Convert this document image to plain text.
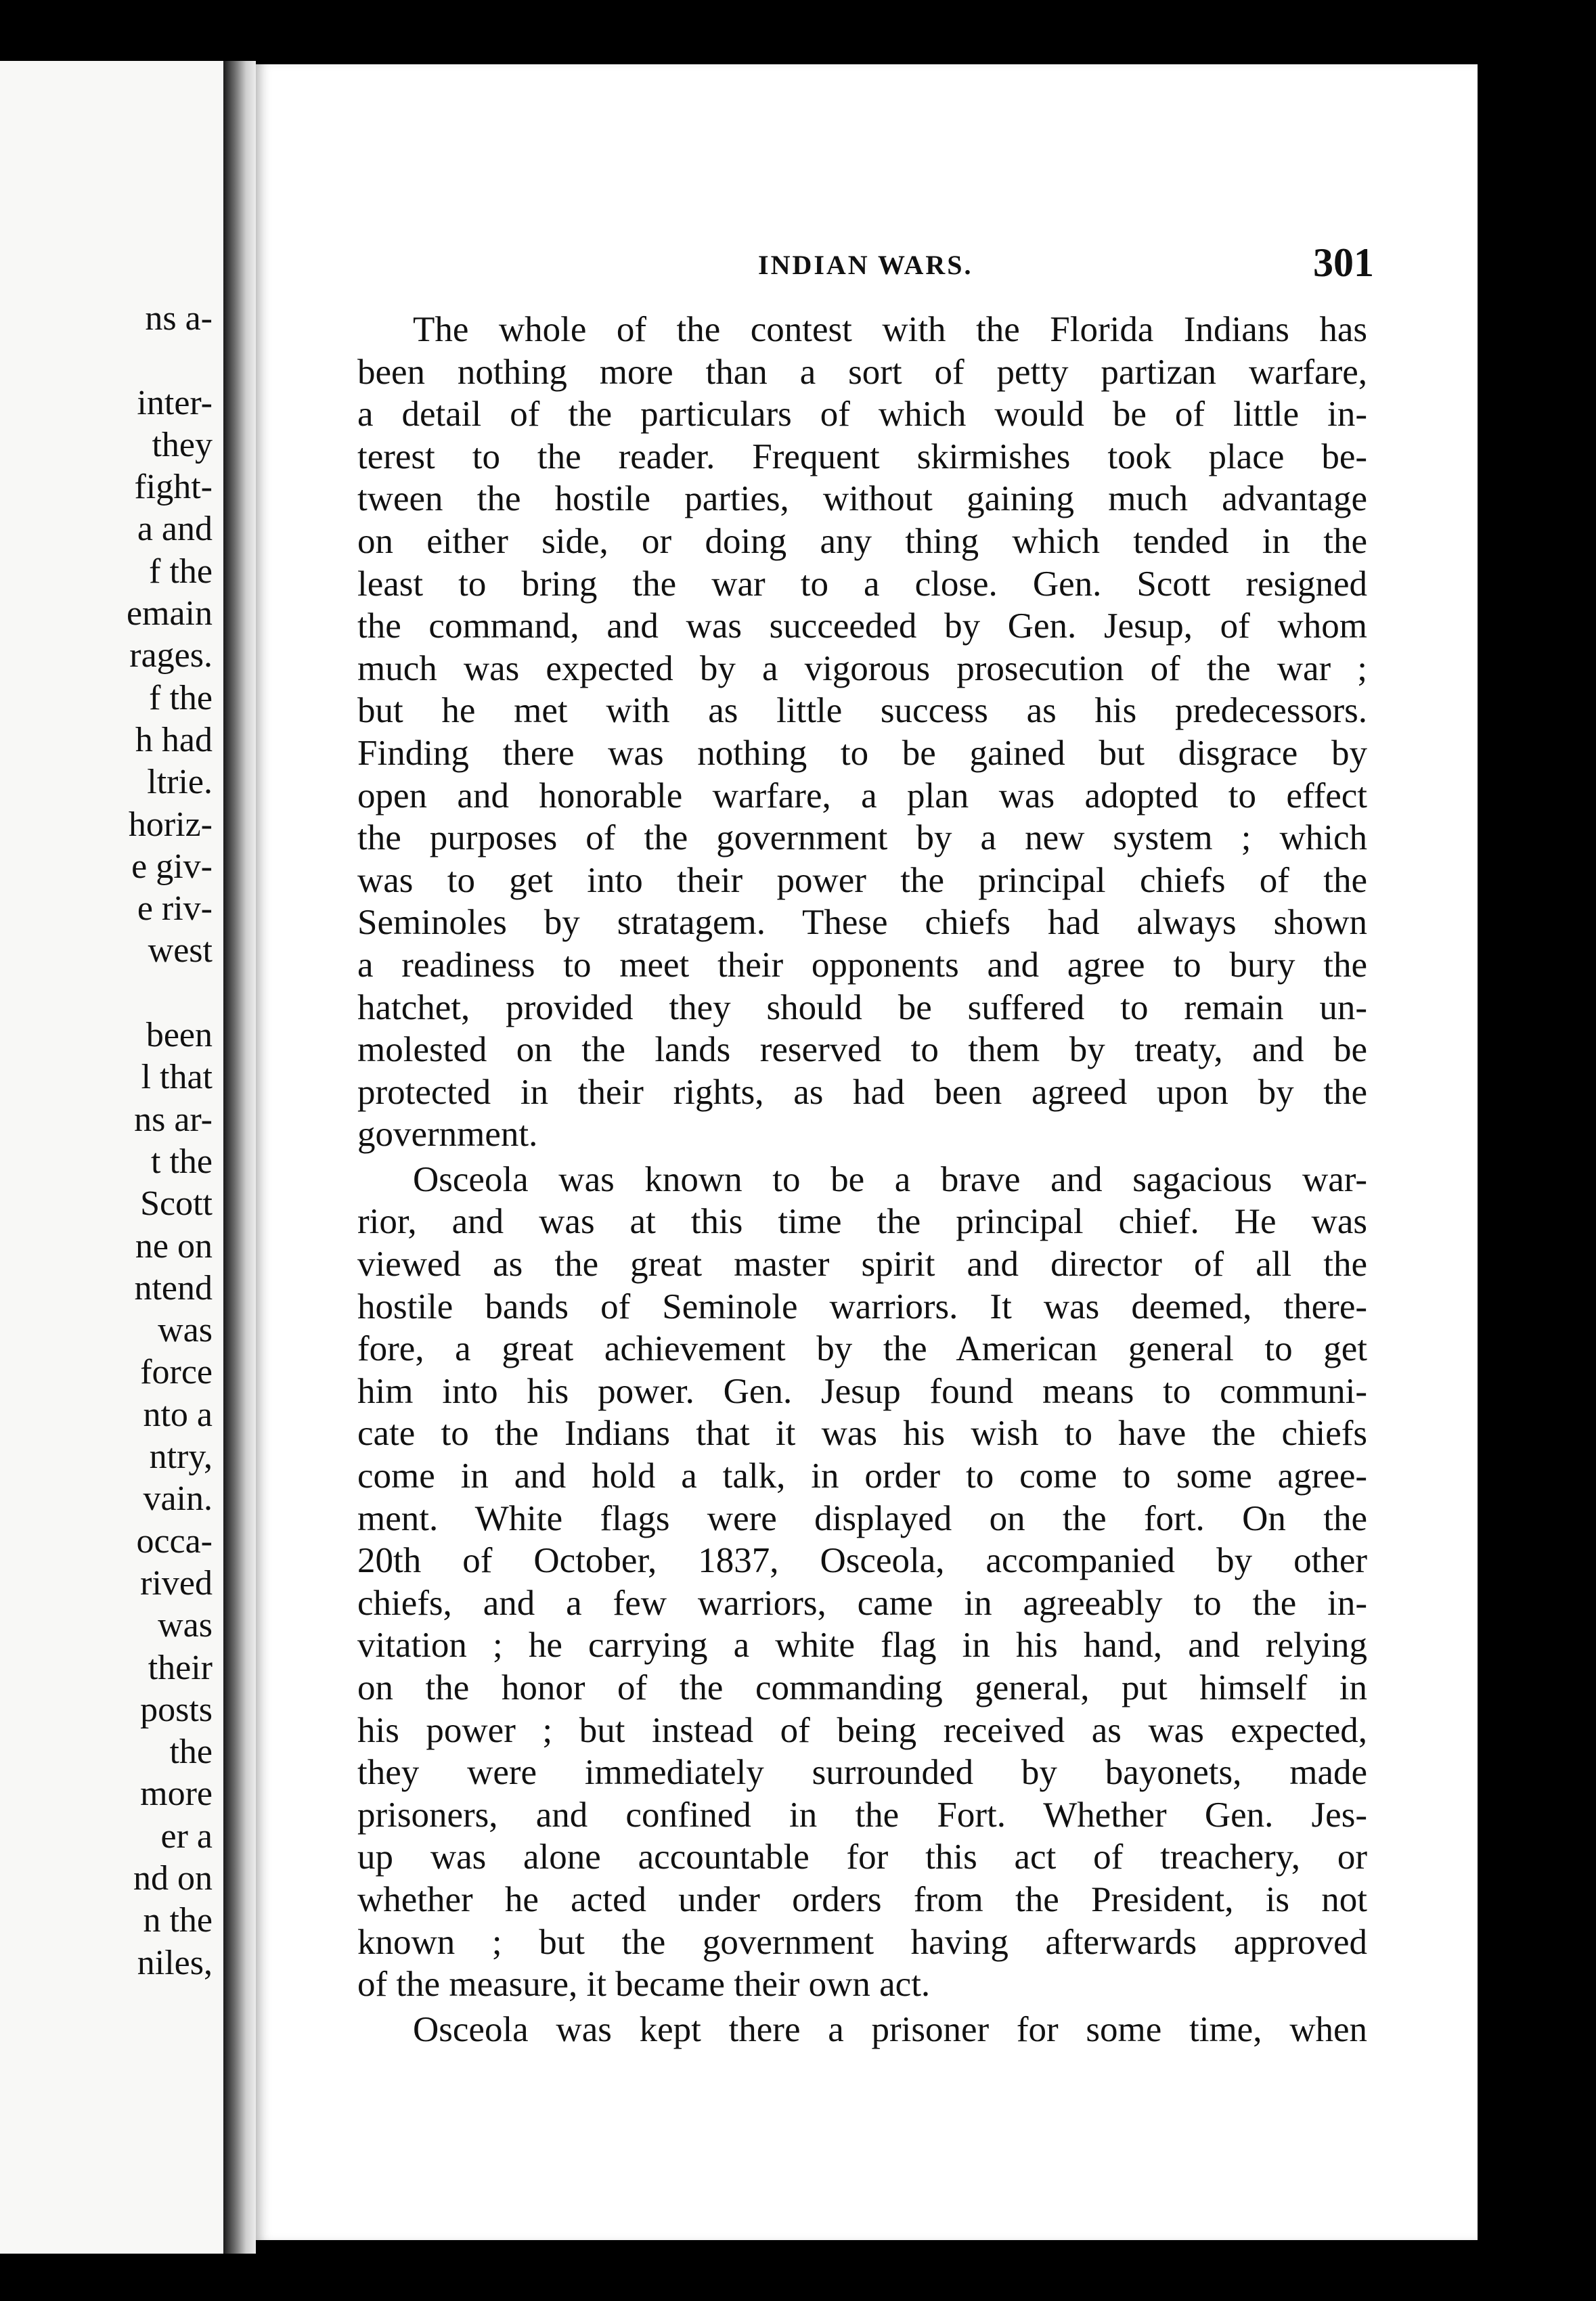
ns a-
inter-
they
fight-
a and
f the
emain
rages.
f the
h had
ltrie.
horiz-
e giv-
e riv-
west
been
l that
ns ar-
t the
Scott
ne on
ntend
was
force
nto a
ntry,
vain.
occa-
rived
was
their
posts
the
more
er a
nd on
n the
niles,
INDIAN WARS.	301
The whole of the contest with the Florida Indians has
been nothing more than a sort of petty partizan warfare,
a detail of the particulars of which would be of little in-
terest to the reader. Frequent skirmishes took place be-
tween the hostile parties, without gaining much advantage
on either side, or doing any thing which tended in the
least to bring the war to a close. Gen. Scott resigned
the command, and was succeeded by Gen. Jesup, of whom
much was expected by a vigorous prosecution of the war ;
but he met with as little success as his predecessors.
Finding there was nothing to be gained but disgrace by
open and honorable warfare, a plan was adopted to effect
the purposes of the government by a new system ; which
was to get into their power the principal chiefs of the
Seminoles by stratagem. These chiefs had always shown
a readiness to meet their opponents and agree to bury the
hatchet, provided they should be suffered to remain un-
molested on the lands reserved to them by treaty, and be
protected in their rights, as had been agreed upon by the
government.
Osceola was known to be a brave and sagacious war-
rior, and was at this time the principal chief. He was
viewed as the great master spirit and director of all the
hostile bands of Seminole warriors. It was deemed, there-
fore, a great achievement by the American general to get
him into his power. Gen. Jesup found means to communi-
cate to the Indians that it was his wish to have the chiefs
come in and hold a talk, in order to come to some agree-
ment. White flags were displayed on the fort. On the
20th of October, 1837, Osceola, accompanied by other
chiefs, and a few warriors, came in agreeably to the in-
vitation ; he carrying a white flag in his hand, and relying
on the honor of the commanding general, put himself in
his power ; but instead of being received as was expected,
they were immediately surrounded by bayonets, made
prisoners, and confined in the Fort. Whether Gen. Jes-
up was alone accountable for this act of treachery, or
whether he acted under orders from the President, is not
known ; but the government having afterwards approved
of the measure, it became their own act.
Osceola was kept there a prisoner for some time, when
